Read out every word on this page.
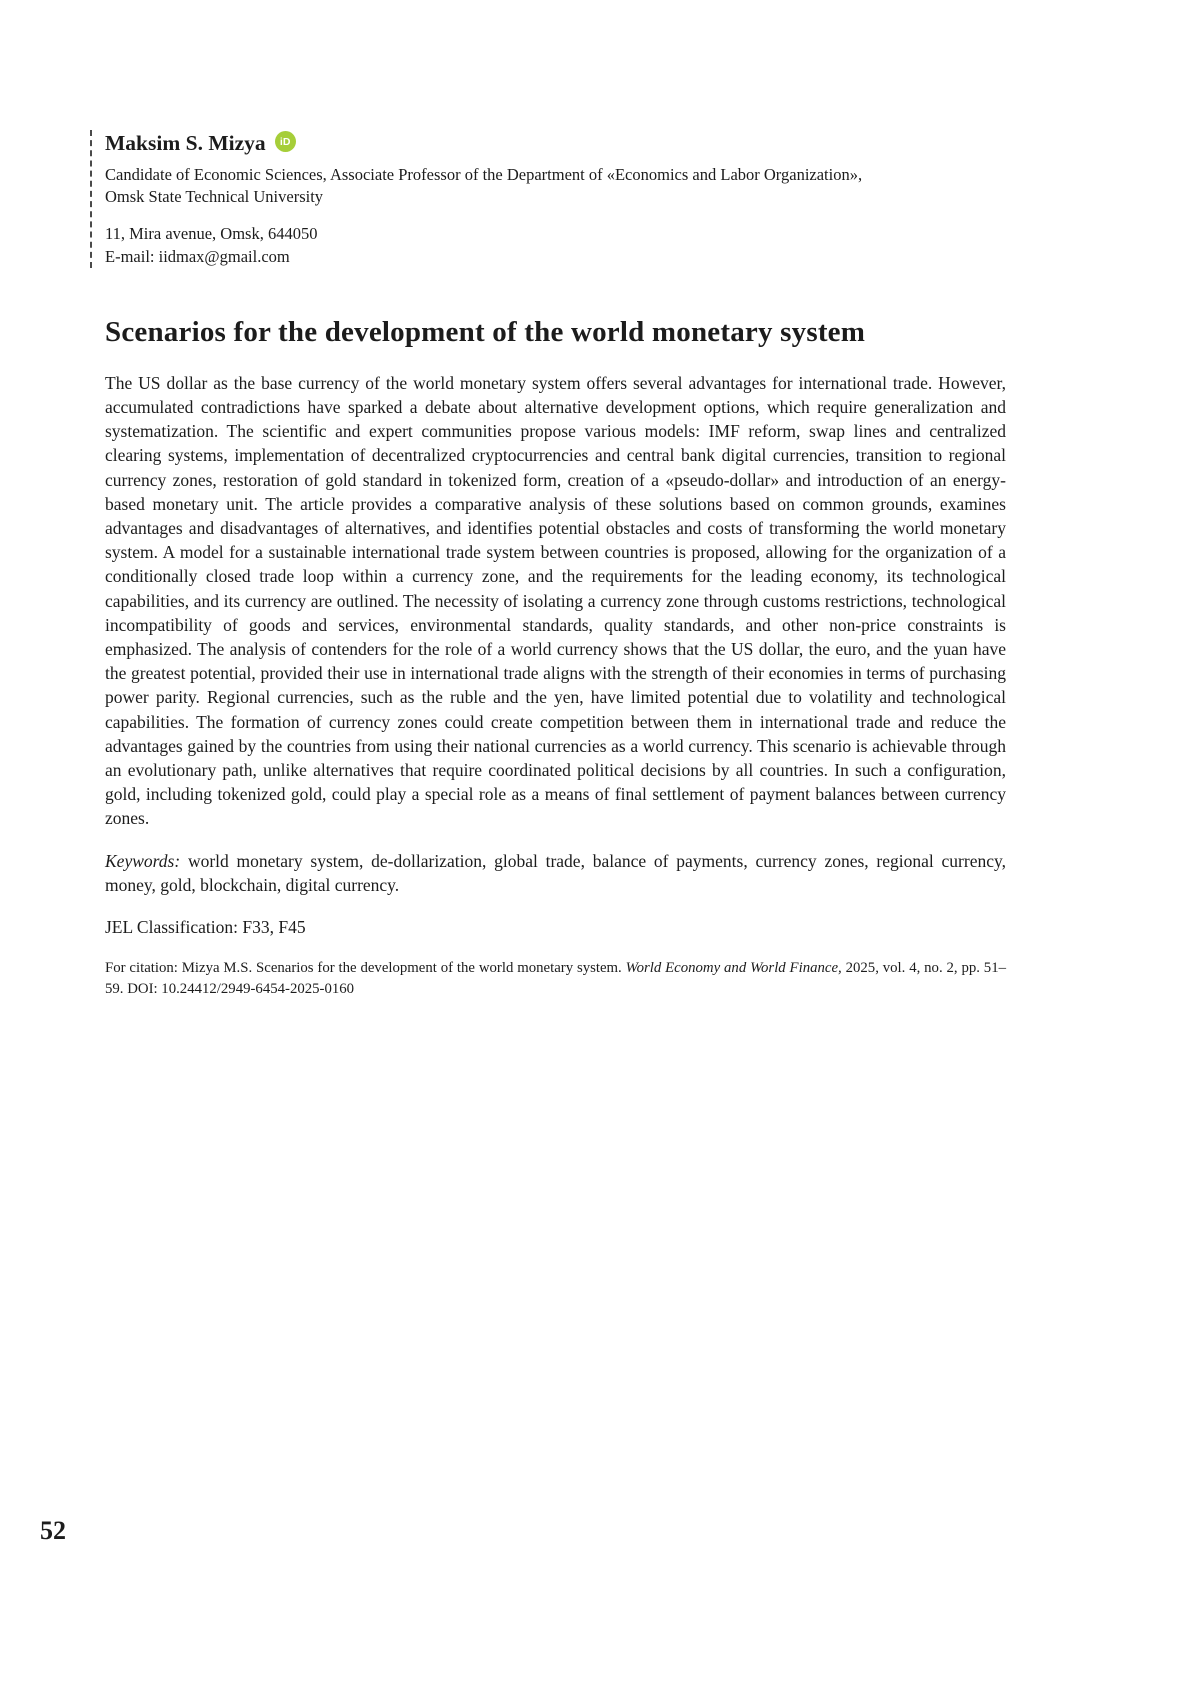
Maksim S. Mizya	iD

Candidate of Economic Sciences, Associate Professor of the Department of «Economics and Labor Organization»,
Omsk State Technical University

11, Mira avenue, Omsk, 644050
E-mail: iidmax@gmail.com

Scenarios for the development of the world monetary system

The US dollar as the base currency of the world monetary system offers several advantages for international trade. However, accumulated contradictions have sparked a debate about alternative development options, which require generalization and systematization. The scientific and expert communities propose various models: IMF reform, swap lines and centralized clearing systems, implementation of decentralized cryptocurrencies and central bank digital currencies, transition to regional currency zones, restoration of gold standard in tokenized form, creation of a «pseudo-dollar» and introduction of an energy-based monetary unit. The article provides a comparative analysis of these solutions based on common grounds, examines advantages and disadvantages of alternatives, and identifies potential obstacles and costs of transforming the world monetary system. A model for a sustainable international trade system between countries is proposed, allowing for the organization of a conditionally closed trade loop within a currency zone, and the requirements for the leading economy, its technological capabilities, and its currency are outlined. The necessity of isolating a currency zone through customs restrictions, technological incompatibility of goods and services, environmental standards, quality standards, and other non-price constraints is emphasized. The analysis of contenders for the role of a world currency shows that the US dollar, the euro, and the yuan have the greatest potential, provided their use in international trade aligns with the strength of their economies in terms of purchasing power parity. Regional currencies, such as the ruble and the yen, have limited potential due to volatility and technological capabilities. The formation of currency zones could create competition between them in international trade and reduce the advantages gained by the countries from using their national currencies as a world currency. This scenario is achievable through an evolutionary path, unlike alternatives that require coordinated political decisions by all countries. In such a configuration, gold, including tokenized gold, could play a special role as a means of final settlement of payment balances between currency zones.

Keywords: world monetary system, de-dollarization, global trade, balance of payments, currency zones, regional currency, money, gold, blockchain, digital currency.

JEL Classification: F33, F45

For citation: Mizya M.S. Scenarios for the development of the world monetary system. World Economy and World Finance, 2025, vol. 4, no. 2, pp. 51–59. DOI: 10.24412/2949-6454-2025-0160

52
